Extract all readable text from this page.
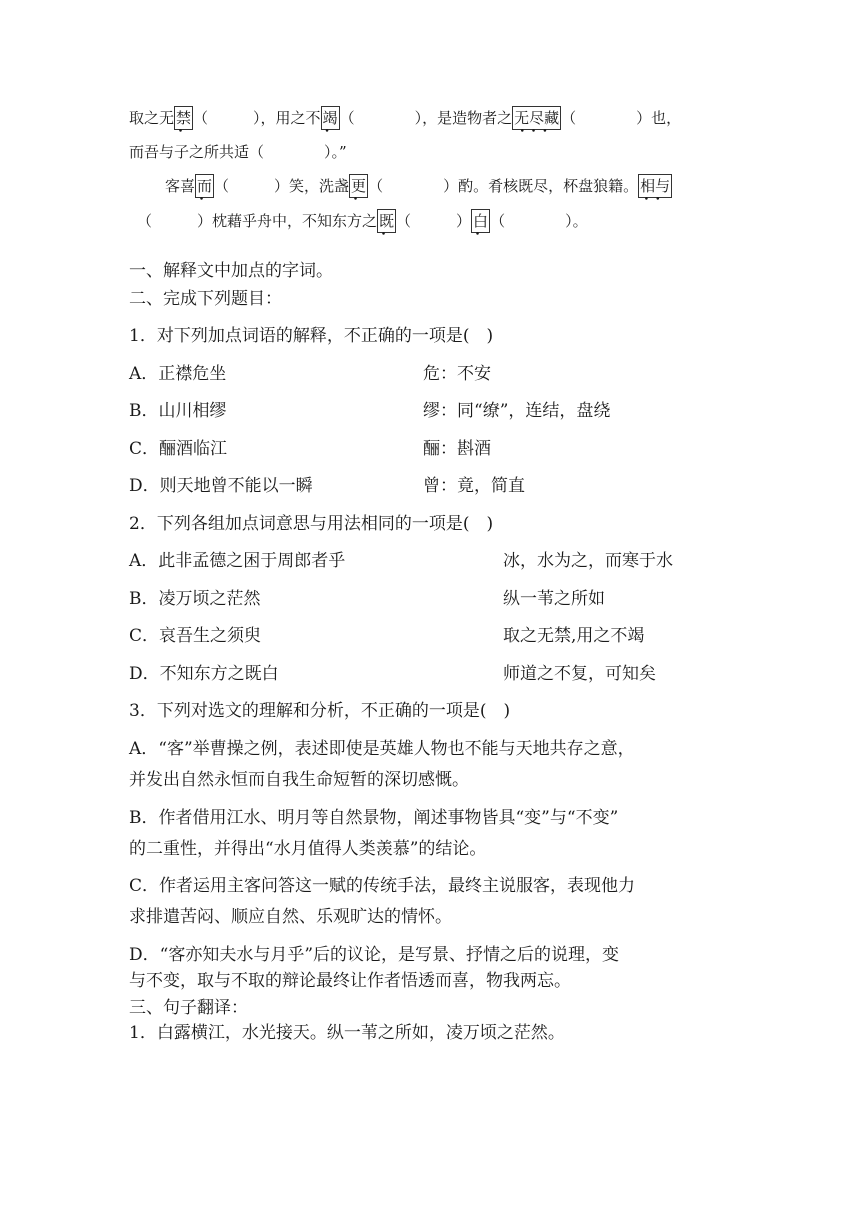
取之无 禁
•
（　　　），用之不 竭
•
（　　　　），是造物者之 无尽藏
•••
（　　　　）也，
而吾与子之所共适（　　　　）。”
客喜 而
•
（　　　）笑，洗盏 更
•
（　　　　）酌。肴核既尽，杯盘狼籍。 相与
••
（　　　）枕藉乎舟中，不知东方之 既
•
（　　　） 白
•
（　　　　）。
一、解释文中加点的字词。
二、完成下列题目：
1．对下列加点词语的解释，不正确的一项是(　)
A．正襟危坐	危：不安
B．山川相缪	缪：同“缭”，连结，盘绕
C．酾酒临江	酾：斟酒
D．则天地曾不能以一瞬	曾：竟，简直
2．下列各组加点词意思与用法相同的一项是(　)
A．此非孟德之困于周郎者乎	冰，水为之，而寒于水
B．凌万顷之茫然	纵一苇之所如
C．哀吾生之须臾	取之无禁,用之不竭
D．不知东方之既白	师道之不复，可知矣
3．下列对选文的理解和分析，不正确的一项是(　)
A．“客”举曹操之例，表述即使是英雄人物也不能与天地共存之意，
并发出自然永恒而自我生命短暂的深切感慨。
B．作者借用江水、明月等自然景物，阐述事物皆具“变”与“不变”
的二重性，并得出“水月值得人类羡慕”的结论。
C．作者运用主客问答这一赋的传统手法，最终主说服客，表现他力
求排遣苦闷、顺应自然、乐观旷达的情怀。
D．“客亦知夫水与月乎”后的议论，是写景、抒情之后的说理，变
与不变，取与不取的辩论最终让作者悟透而喜，物我两忘。
三、句子翻译：
1．白露横江，水光接天。纵一苇之所如，凌万顷之茫然。
